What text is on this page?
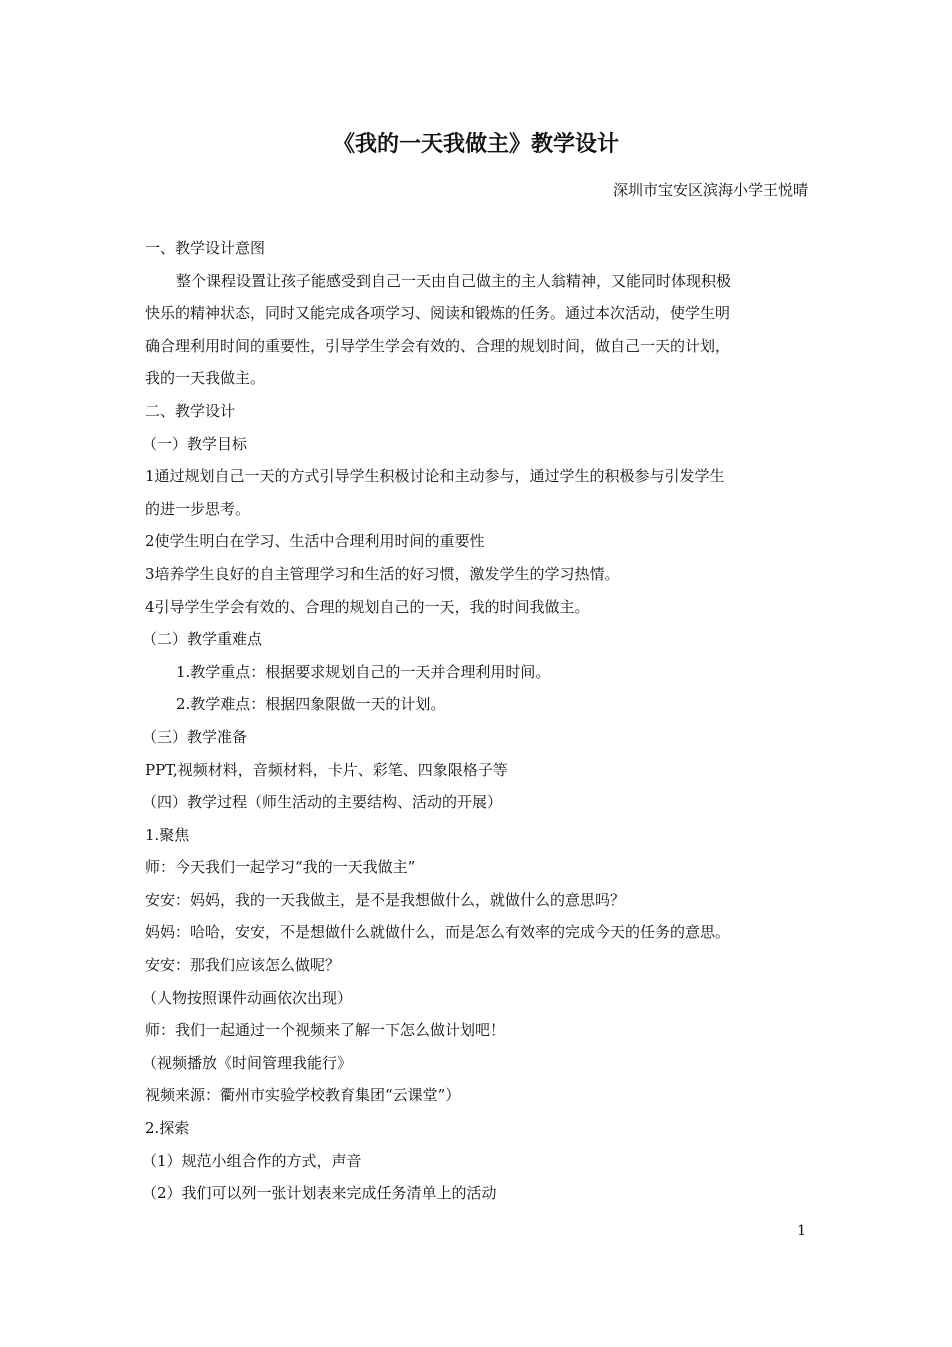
《我的一天我做主》教学设计
深圳市宝安区滨海小学王悦晴

一、教学设计意图

整个课程设置让孩子能感受到自己一天由自己做主的主人翁精神，又能同时体现积极

快乐的精神状态，同时又能完成各项学习、阅读和锻炼的任务。通过本次活动，使学生明

确合理利用时间的重要性，引导学生学会有效的、合理的规划时间，做自己一天的计划，

我的一天我做主。

二、教学设计

（一）教学目标

1通过规划自己一天的方式引导学生积极讨论和主动参与，通过学生的积极参与引发学生

的进一步思考。

2使学生明白在学习、生活中合理利用时间的重要性

3培养学生良好的自主管理学习和生活的好习惯，激发学生的学习热情。

4引导学生学会有效的、合理的规划自己的一天，我的时间我做主。

（二）教学重难点

1.教学重点：根据要求规划自己的一天并合理利用时间。

2.教学难点：根据四象限做一天的计划。

（三）教学准备

PPT,视频材料，音频材料，卡片、彩笔、四象限格子等

（四）教学过程（师生活动的主要结构、活动的开展）

1.聚焦

师：今天我们一起学习“我的一天我做主”

安安：妈妈，我的一天我做主，是不是我想做什么，就做什么的意思吗？

妈妈：哈哈，安安，不是想做什么就做什么，而是怎么有效率的完成今天的任务的意思。

安安：那我们应该怎么做呢？

（人物按照课件动画依次出现）

师：我们一起通过一个视频来了解一下怎么做计划吧！

（视频播放《时间管理我能行》

视频来源：衢州市实验学校教育集团“云课堂”）

2.探索

（1）规范小组合作的方式，声音

（2）我们可以列一张计划表来完成任务清单上的活动

1
